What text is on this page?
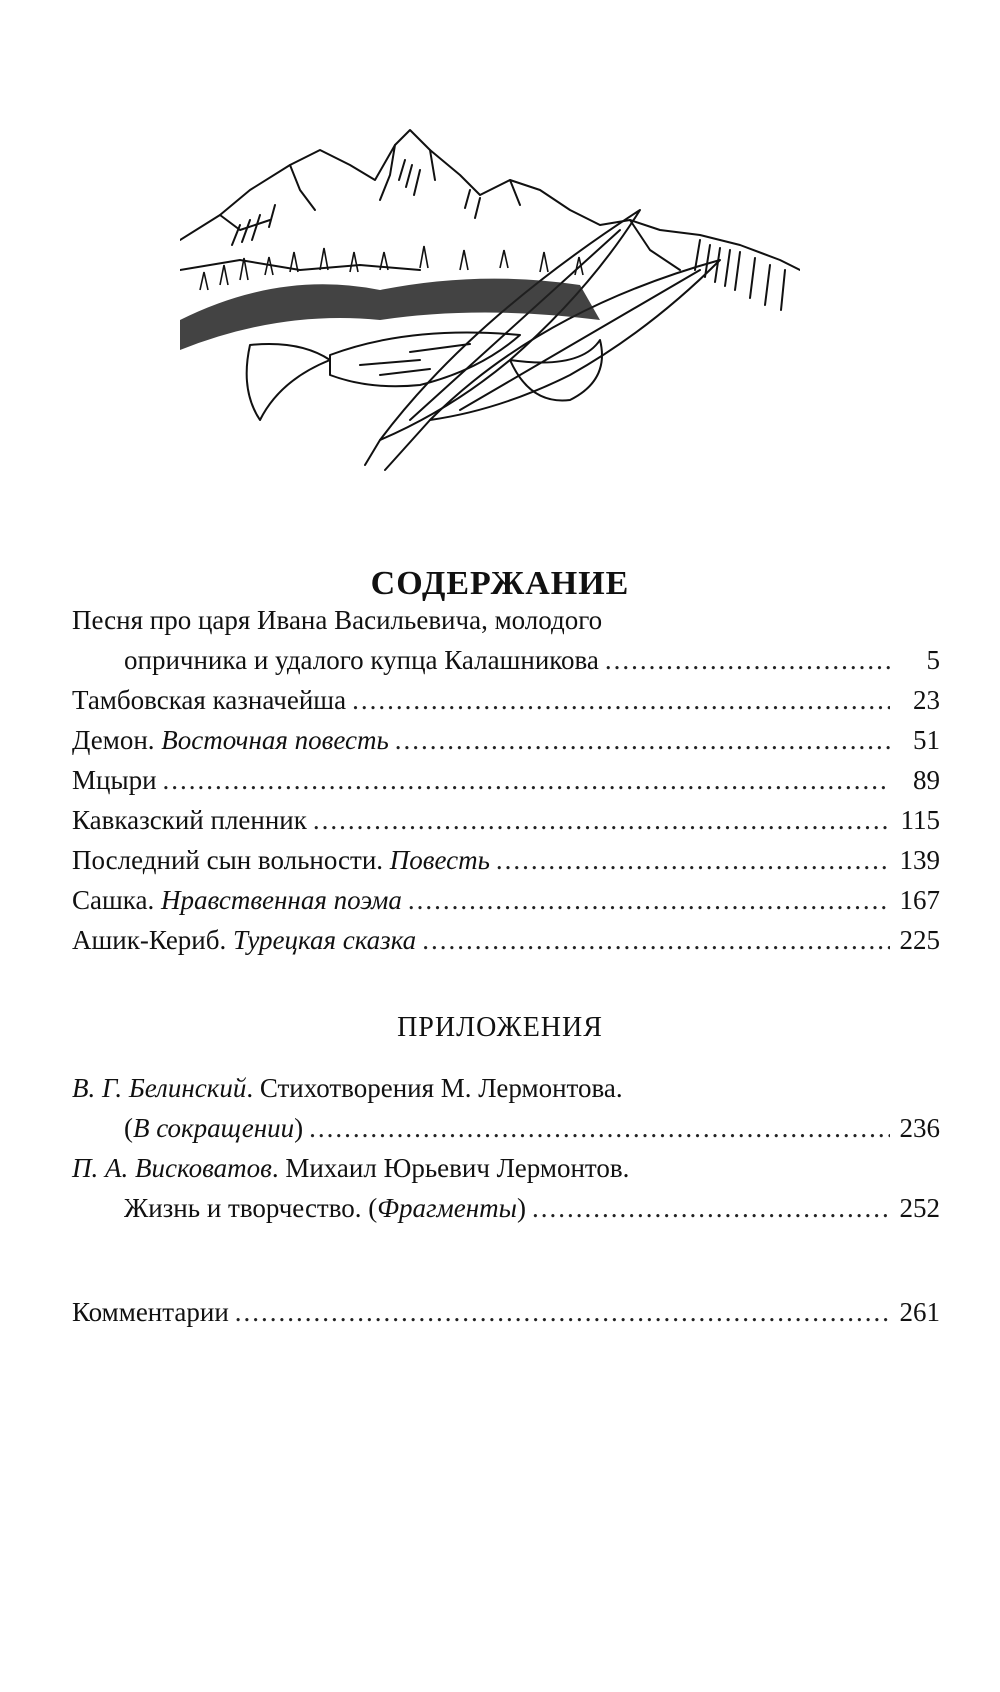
СОДЕРЖАНИЕ
Песня про царя Ивана Васильевича, молодого
опричника и удалого купца Калашникова .....	5
Тамбовская казначейша .....	23
Демон.
Восточная повесть .....	51
Мцыри .....	89
Кавказский пленник .....	115
Последний сын вольности.
Повесть .....	139
Сашка.
Нравственная поэма .....	167
Ашик-Кериб.
Турецкая сказка .....	225
ПРИЛОЖЕНИЯ
В. Г. Белинский. Стихотворения М. Лермонтова.
(В сокращении) .....	236
П. А. Висковатов. Михаил Юрьевич Лермонтов.
Жизнь и творчество. (Фрагменты) .....	252
Комментарии .....	261
